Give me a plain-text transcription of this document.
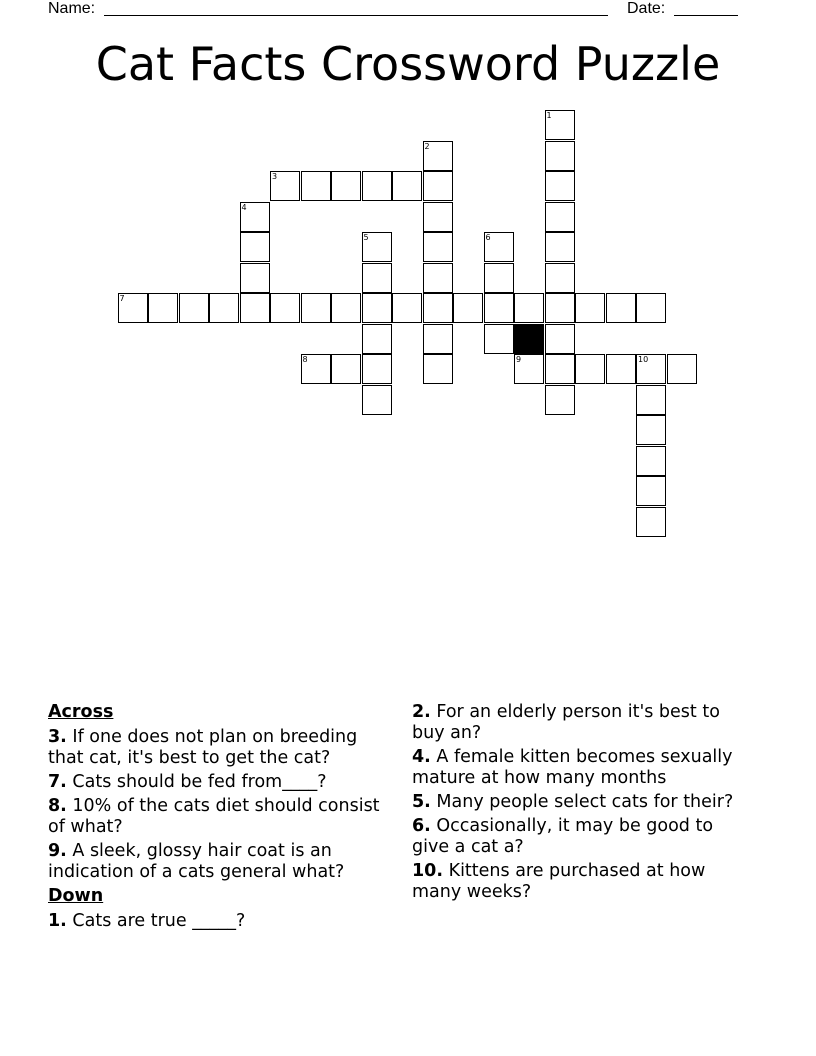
Name:	Date:
Cat Facts Crossword Puzzle
3
7
8	9	10
1
2
4
5	6
Across
3. If one does not plan on breeding that cat, it's best to get the cat?
7. Cats should be fed from____?
8. 10% of the cats diet should consist of what?
9. A sleek, glossy hair coat is an indication of a cats general what?
Down
1. Cats are true _____?
2. For an elderly person it's best to buy an?
4. A female kitten becomes sexually mature at how many months
5. Many people select cats for their?
6. Occasionally, it may be good to give a cat a?
10. Kittens are purchased at how many weeks?
